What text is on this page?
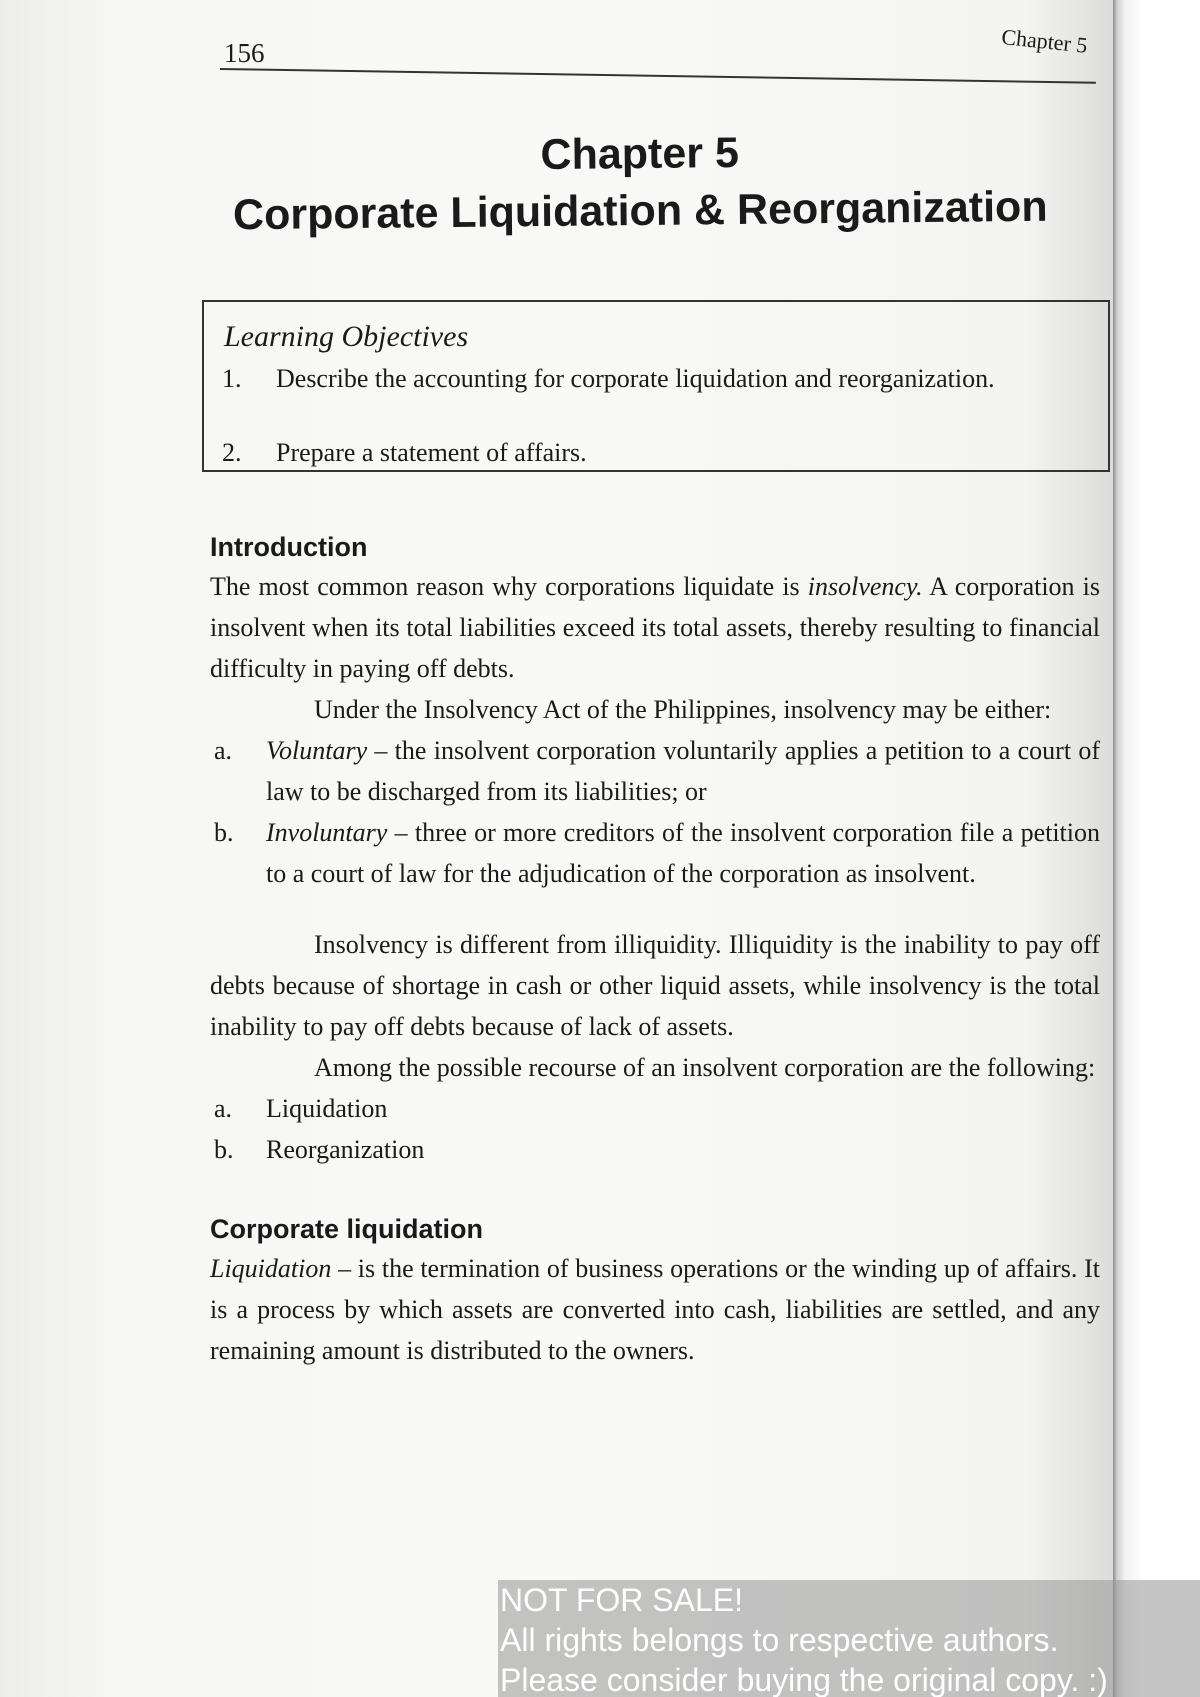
156	Chapter 5
Chapter 5
Corporate Liquidation & Reorganization
Learning Objectives
1. Describe the accounting for corporate liquidation and reorganization.
2. Prepare a statement of affairs.
Introduction

The most common reason why corporations liquidate is insolvency. A corporation is insolvent when its total liabilities exceed its total assets, thereby resulting to financial difficulty in paying off debts.

Under the Insolvency Act of the Philippines, insolvency may be either:

a. Voluntary – the insolvent corporation voluntarily applies a petition to a court of law to be discharged from its liabilities; or

b. Involuntary – three or more creditors of the insolvent corporation file a petition to a court of law for the adjudication of the corporation as insolvent.

Insolvency is different from illiquidity. Illiquidity is the inability to pay off debts because of shortage in cash or other liquid assets, while insolvency is the total inability to pay off debts because of lack of assets.

Among the possible recourse of an insolvent corporation are the following:

a. Liquidation

b. Reorganization

Corporate liquidation

Liquidation – is the termination of business operations or the winding up of affairs. It is a process by which assets are converted into cash, liabilities are settled, and any remaining amount is distributed to the owners.

NOT FOR SALE!
All rights belongs to respective authors.
Please consider buying the original copy. :)
